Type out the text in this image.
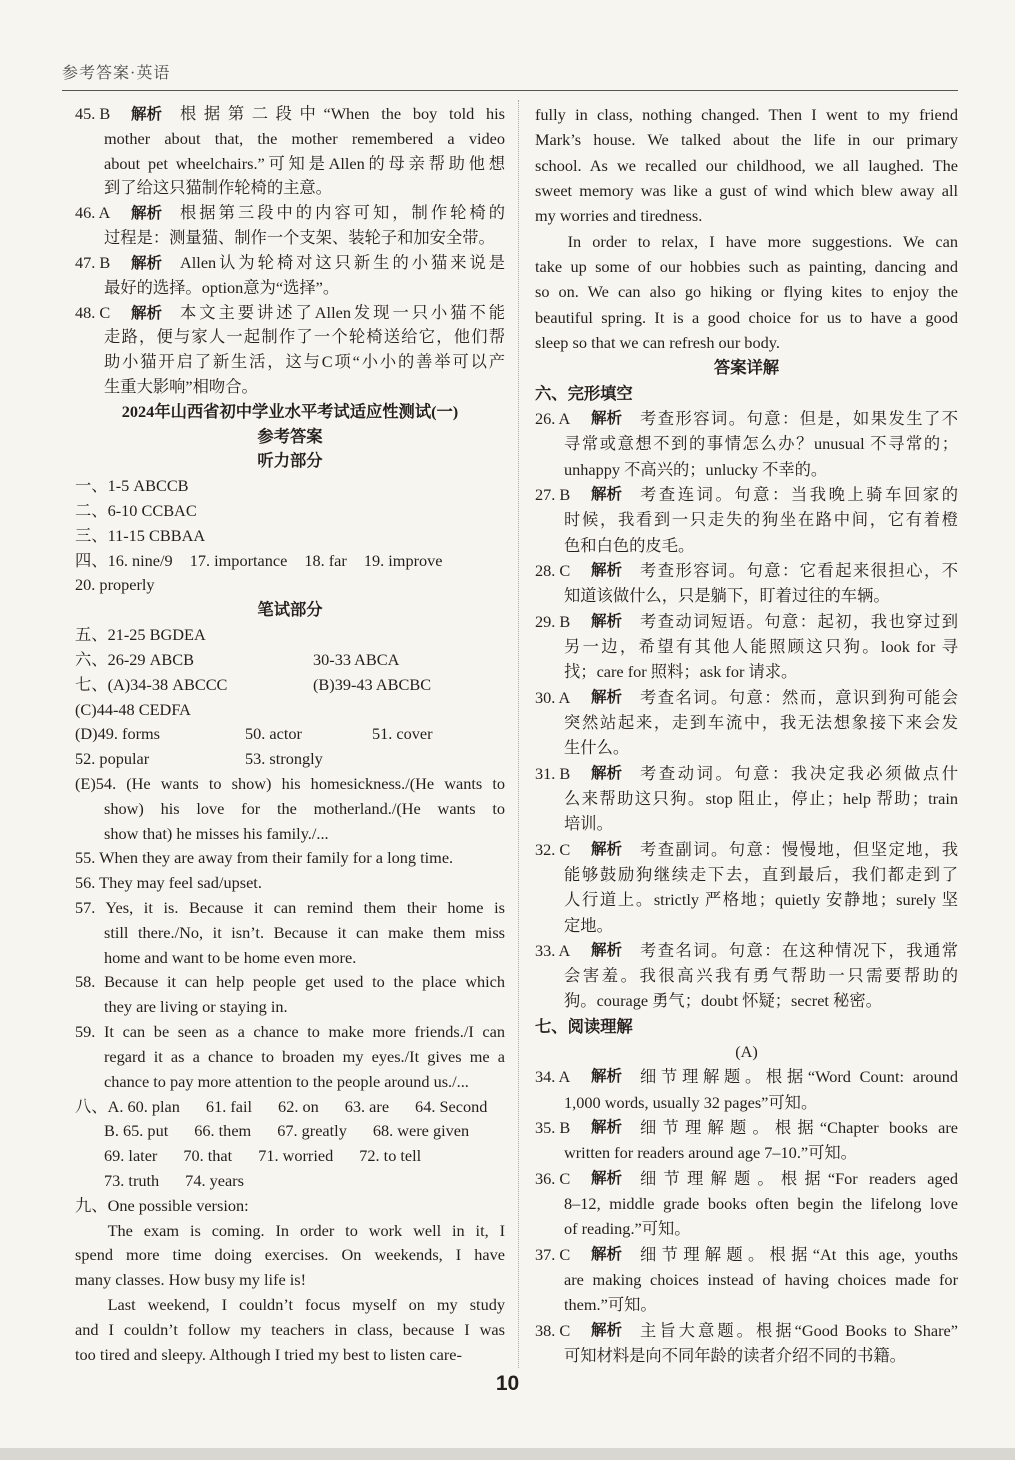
参考答案·英语
45. B	解析 根据第二段中“When the boy told his
mother about that, the mother remembered a video
about pet wheelchairs.”可知是Allen的母亲帮助他想
到了给这只猫制作轮椅的主意。
46. A	解析 根据第三段中的内容可知，制作轮椅的
过程是：测量猫、制作一个支架、装轮子和加安全带。
47. B	解析 Allen认为轮椅对这只新生的小猫来说是
最好的选择。option意为“选择”。
48. C	解析 本文主要讲述了Allen发现一只小猫不能
走路，便与家人一起制作了一个轮椅送给它，他们帮
助小猫开启了新生活，这与C项“小小的善举可以产
生重大影响”相吻合。
2024年山西省初中学业水平考试适应性测试(一)
参考答案
听力部分
一、1-5 ABCCB
二、6-10 CCBAC
三、11-15 CBBAA
四、16. nine/9 17. importance 18. far 19. improve
20. properly
笔试部分
五、21-25 BGDEA
六、26-29 ABCB	30-33 ABCA
七、(A)34-38 ABCCC	(B)39-43 ABCBC
(C)44-48 CEDFA
(D)49. forms	50. actor	51. cover
52. popular	53. strongly
(E)54. (He wants to show) his homesickness./(He wants to
show) his love for the motherland./(He wants to
show that) he misses his family./...
55. When they are away from their family for a long time.
56. They may feel sad/upset.
57. Yes, it is. Because it can remind them their home is
still there./No, it isn’t. Because it can make them miss
home and want to be home even more.
58. Because it can help people get used to the place which
they are living or staying in.
59. It can be seen as a chance to make more friends./I can
regard it as a chance to broaden my eyes./It gives me a
chance to pay more attention to the people around us./...
八、A. 60. plan 61. fail 62. on 63. are 64. Second
B. 65. put 66. them 67. greatly 68. were given
69. later 70. that 71. worried 72. to tell
73. truth 74. years
九、One possible version:
The exam is coming. In order to work well in it, I
spend more time doing exercises. On weekends, I have
many classes. How busy my life is!
Last weekend, I couldn’t focus myself on my study
and I couldn’t follow my teachers in class, because I was
too tired and sleepy. Although I tried my best to listen care-
fully in class, nothing changed. Then I went to my friend
Mark’s house. We talked about the life in our primary
school. As we recalled our childhood, we all laughed. The
sweet memory was like a gust of wind which blew away all
my worries and tiredness.
In order to relax, I have more suggestions. We can
take up some of our hobbies such as painting, dancing and
so on. We can also go hiking or flying kites to enjoy the
beautiful spring. It is a good choice for us to have a good
sleep so that we can refresh our body.
答案详解
六、完形填空
26. A	解析 考查形容词。句意：但是，如果发生了不
寻常或意想不到的事情怎么办？unusual 不寻常的；
unhappy 不高兴的；unlucky 不幸的。
27. B	解析 考查连词。句意：当我晚上骑车回家的
时候，我看到一只走失的狗坐在路中间，它有着橙
色和白色的皮毛。
28. C	解析 考查形容词。句意：它看起来很担心，不
知道该做什么，只是躺下，盯着过往的车辆。
29. B	解析 考查动词短语。句意：起初，我也穿过到
另一边，希望有其他人能照顾这只狗。look for 寻
找；care for 照料；ask for 请求。
30. A	解析 考查名词。句意：然而，意识到狗可能会
突然站起来，走到车流中，我无法想象接下来会发
生什么。
31. B	解析 考查动词。句意：我决定我必须做点什
么来帮助这只狗。stop 阻止，停止；help 帮助；train
培训。
32. C	解析 考查副词。句意：慢慢地，但坚定地，我
能够鼓励狗继续走下去，直到最后，我们都走到了
人行道上。strictly 严格地；quietly 安静地；surely 坚
定地。
33. A	解析 考查名词。句意：在这种情况下，我通常
会害羞。我很高兴我有勇气帮助一只需要帮助的
狗。courage 勇气；doubt 怀疑；secret 秘密。
七、阅读理解
(A)
34. A	解析 细节理解题。根据“Word Count: around
1,000 words, usually 32 pages”可知。
35. B	解析 细节理解题。根据“Chapter books are
written for readers around age 7–10.”可知。
36. C	解析 细节理解题。根据“For readers aged
8–12, middle grade books often begin the lifelong love
of reading.”可知。
37. C	解析 细节理解题。根据“At this age, youths
are making choices instead of having choices made for
them.”可知。
38. C	解析 主旨大意题。根据“Good Books to Share”
可知材料是向不同年龄的读者介绍不同的书籍。
10
